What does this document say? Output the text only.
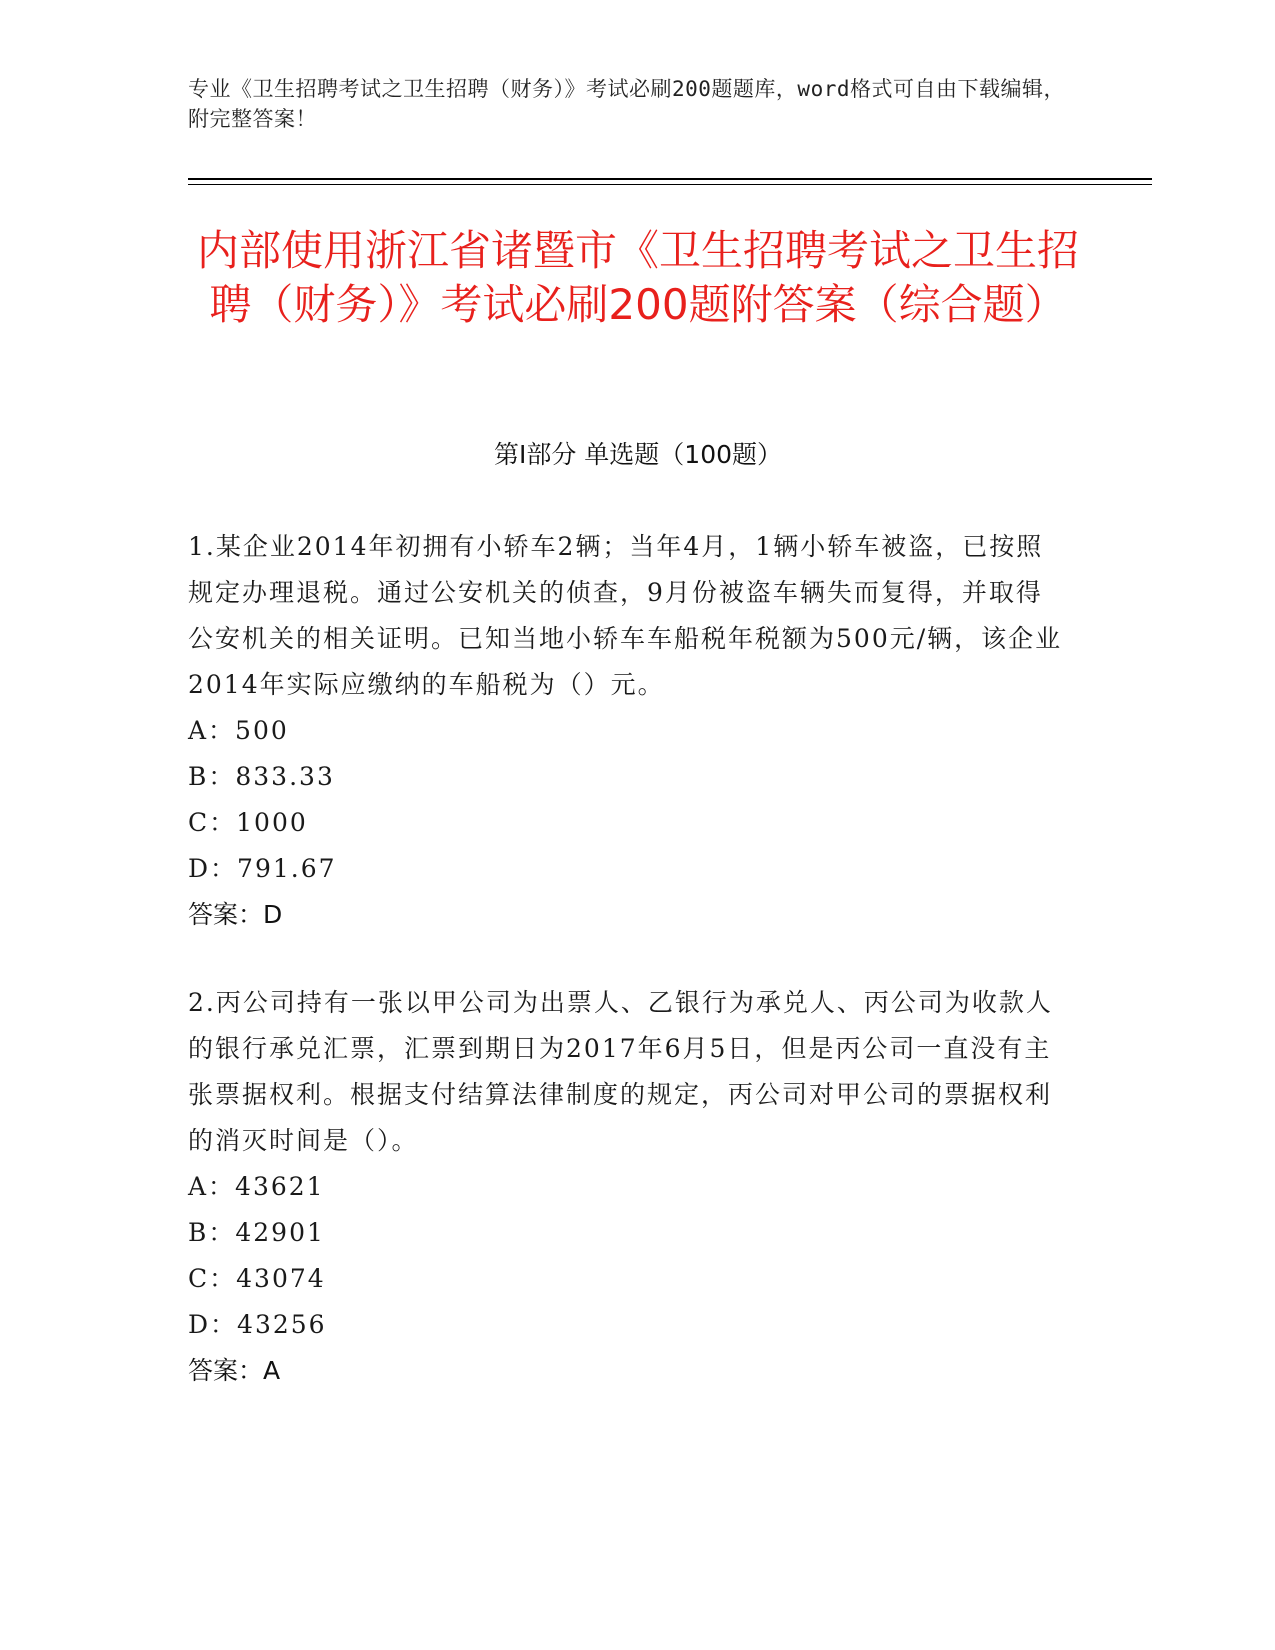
专业《卫生招聘考试之卫生招聘（财务）》考试必刷200题题库，word格式可自由下载编辑，附完整答案！
内部使用浙江省诸暨市《卫生招聘考试之卫生招聘（财务）》考试必刷200题附答案（综合题）
第I部分 单选题（100题）

1.某企业2014年初拥有小轿车2辆；当年4月，1辆小轿车被盗，已按照规定办理退税。通过公安机关的侦查，9月份被盗车辆失而复得，并取得公安机关的相关证明。已知当地小轿车车船税年税额为500元/辆，该企业2014年实际应缴纳的车船税为（）元。

A：500

B：833.33

C：1000

D：791.67

答案：D

2.丙公司持有一张以甲公司为出票人、乙银行为承兑人、丙公司为收款人的银行承兑汇票，汇票到期日为2017年6月5日，但是丙公司一直没有主张票据权利。根据支付结算法律制度的规定，丙公司对甲公司的票据权利的消灭时间是（）。

A：43621

B：42901

C：43074

D：43256

答案：A
